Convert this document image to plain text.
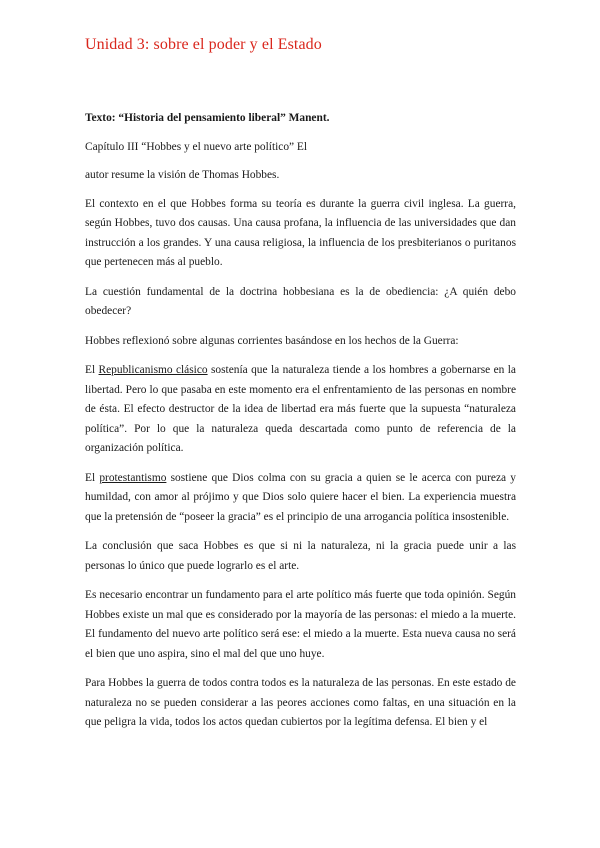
Unidad 3: sobre el poder y el Estado

Texto: “Historia del pensamiento liberal” Manent.

Capítulo III “Hobbes y el nuevo arte político” El

autor resume la visión de Thomas Hobbes.

El contexto en el que Hobbes forma su teoría es durante la guerra civil inglesa. La guerra, según Hobbes, tuvo dos causas. Una causa profana, la influencia de las universidades que dan instrucción a los grandes. Y una causa religiosa, la influencia de los presbiterianos o puritanos que pertenecen más al pueblo.

La cuestión fundamental de la doctrina hobbesiana es la de obediencia: ¿A quién debo obedecer?

Hobbes reflexionó sobre algunas corrientes basándose en los hechos de la Guerra:

El Republicanismo clásico sostenía que la naturaleza tiende a los hombres a gobernarse en la libertad. Pero lo que pasaba en este momento era el enfrentamiento de las personas en nombre de ésta. El efecto destructor de la idea de libertad era más fuerte que la supuesta “naturaleza política”. Por lo que la naturaleza queda descartada como punto de referencia de la organización política.

El protestantismo sostiene que Dios colma con su gracia a quien se le acerca con pureza y humildad, con amor al prójimo y que Dios solo quiere hacer el bien. La experiencia muestra que la pretensión de “poseer la gracia” es el principio de una arrogancia política insostenible.

La conclusión que saca Hobbes es que si ni la naturaleza, ni la gracia puede unir a las personas lo único que puede lograrlo es el arte.

Es necesario encontrar un fundamento para el arte político más fuerte que toda opinión. Según Hobbes existe un mal que es considerado por la mayoría de las personas: el miedo a la muerte. El fundamento del nuevo arte político será ese: el miedo a la muerte. Esta nueva causa no será el bien que uno aspira, sino el mal del que uno huye.

Para Hobbes la guerra de todos contra todos es la naturaleza de las personas. En este estado de naturaleza no se pueden considerar a las peores acciones como faltas, en una situación en la que peligra la vida, todos los actos quedan cubiertos por la legítima defensa. El bien y el
